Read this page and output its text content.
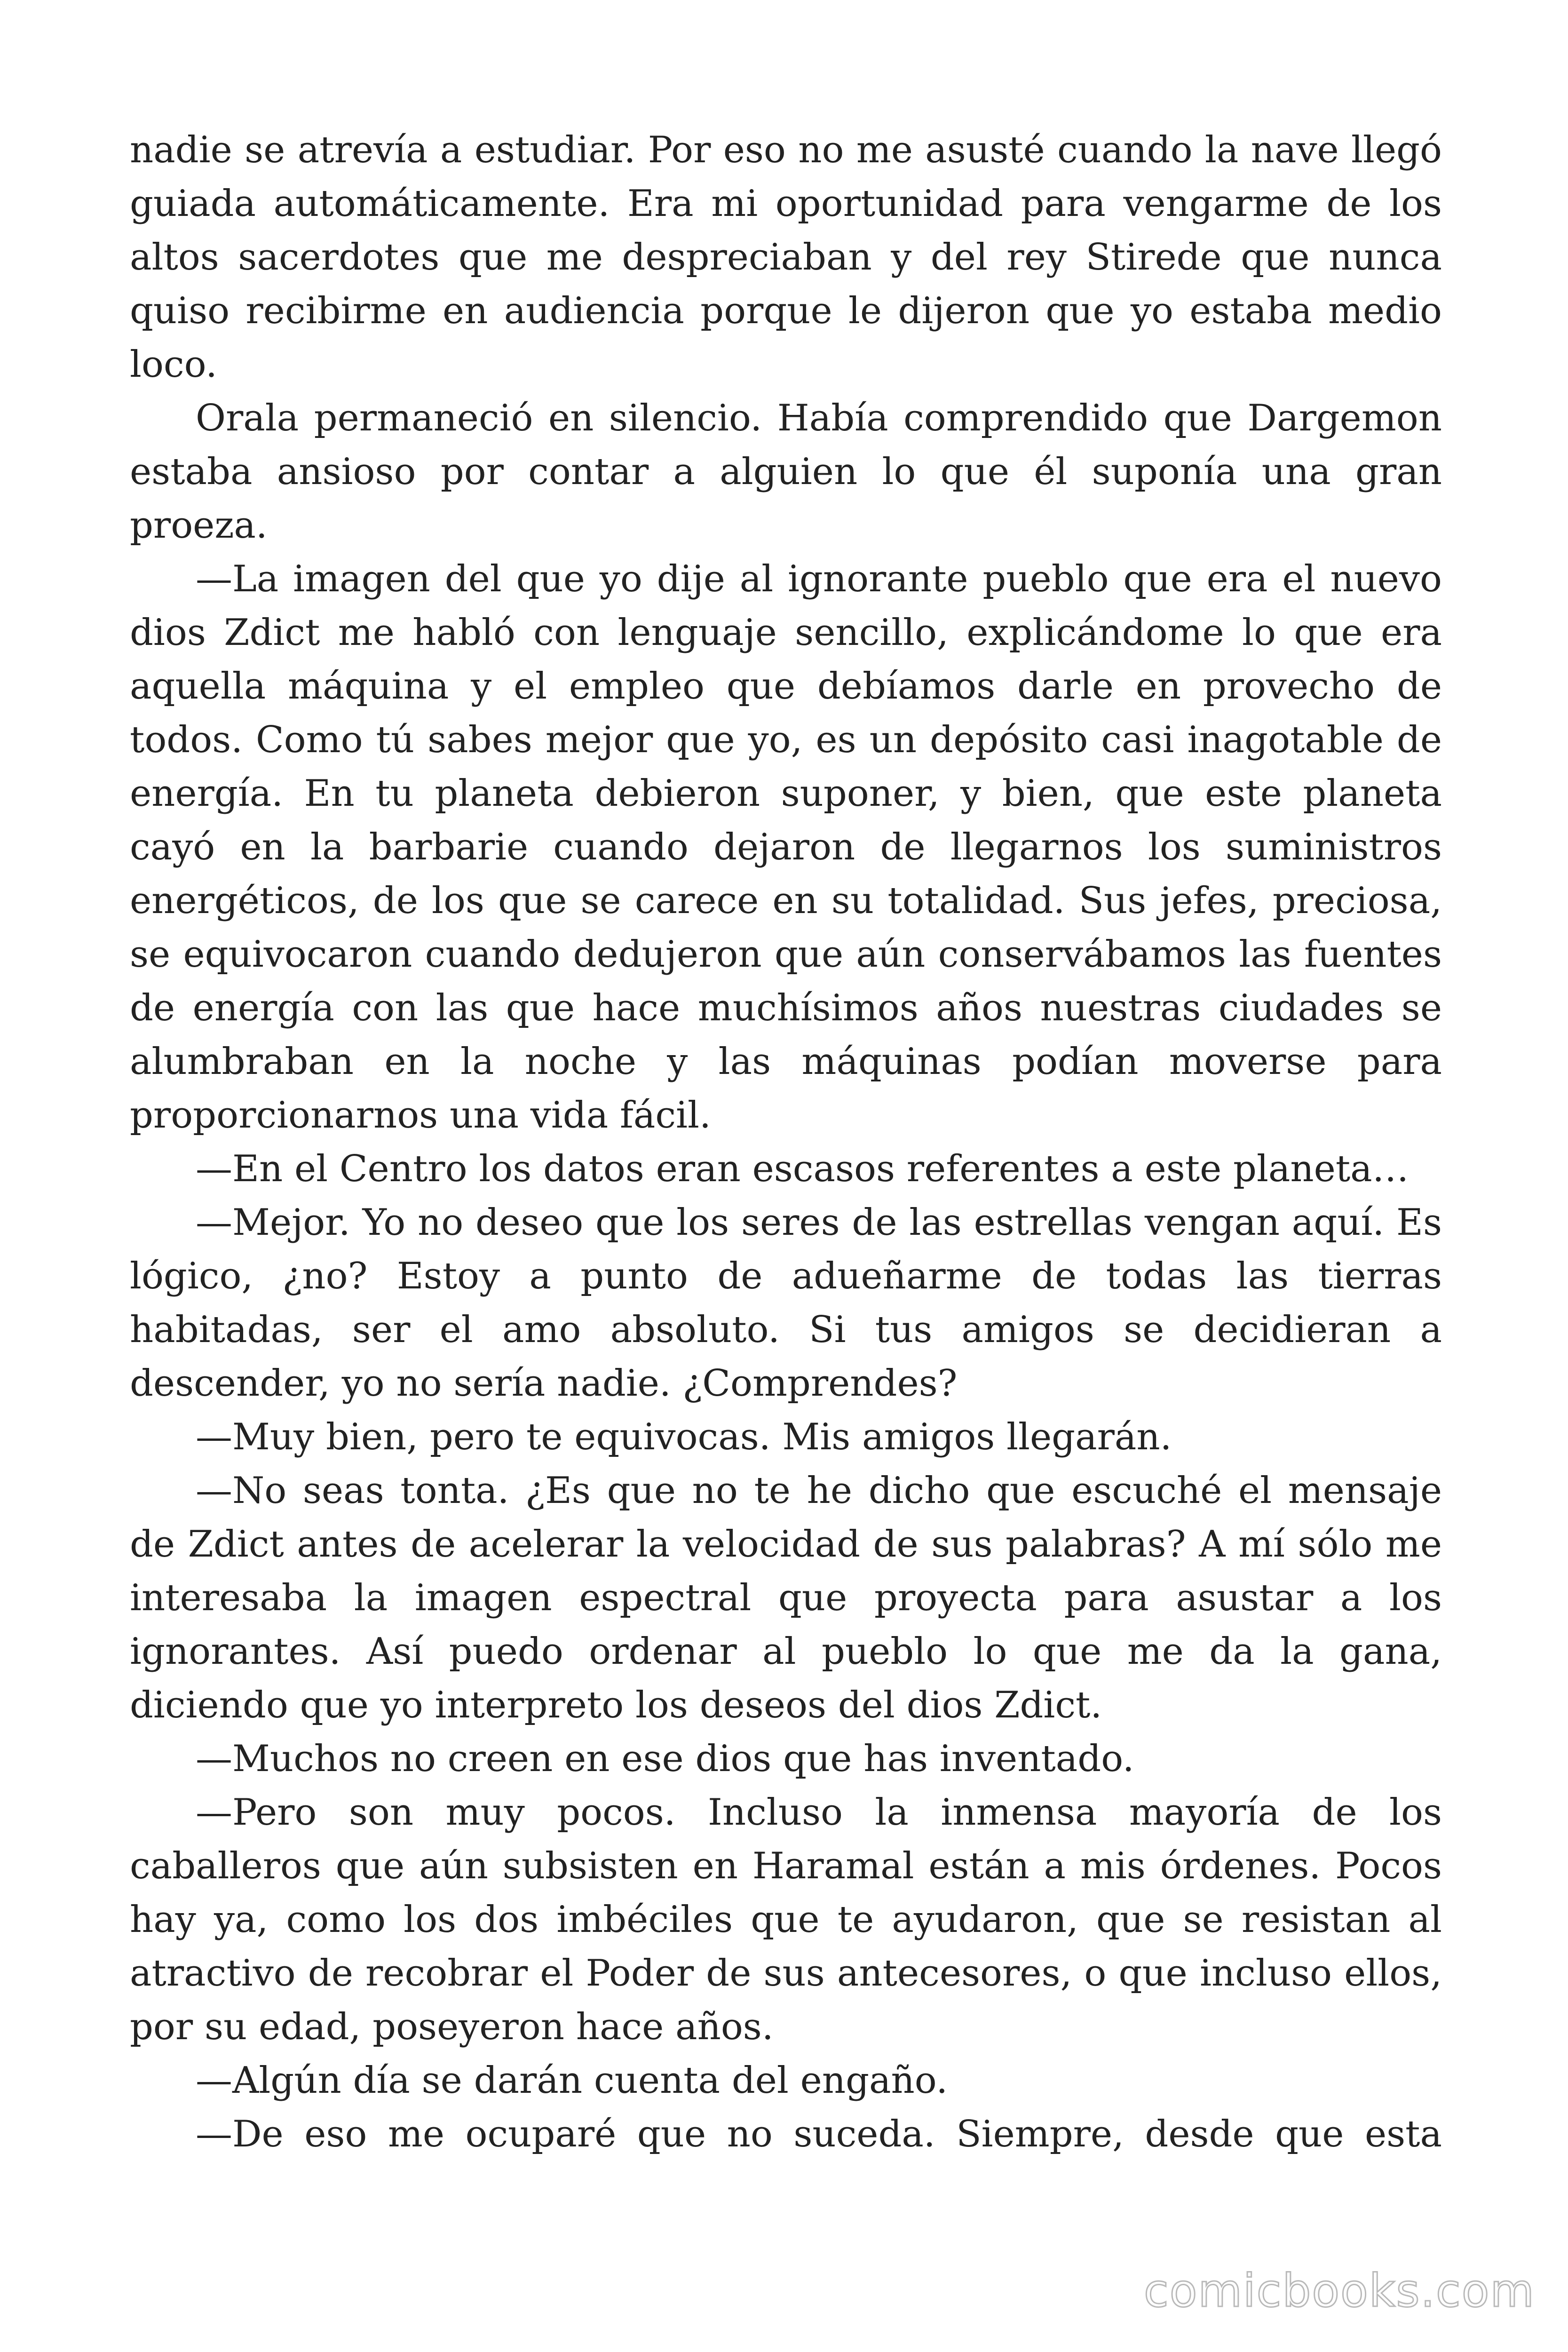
nadie se atrevía a estudiar. Por eso no me asusté cuando la nave llegó guiada automáticamente. Era mi oportunidad para vengarme de los altos sacerdotes que me despreciaban y del rey Stirede que nunca quiso recibirme en audiencia porque le dijeron que yo estaba medio loco.

Orala permaneció en silencio. Había comprendido que Dargemon estaba ansioso por contar a alguien lo que él suponía una gran proeza.

—La imagen del que yo dije al ignorante pueblo que era el nuevo dios Zdict me habló con lenguaje sencillo, explicándome lo que era aquella máquina y el empleo que debíamos darle en provecho de todos. Como tú sabes mejor que yo, es un depósito casi inagotable de energía. En tu planeta debieron suponer, y bien, que este planeta cayó en la barbarie cuando dejaron de llegarnos los suministros energéticos, de los que se carece en su totalidad. Sus jefes, preciosa, se equivocaron cuando dedujeron que aún conservábamos las fuentes de energía con las que hace muchísimos años nuestras ciudades se alumbraban en la noche y las máquinas podían moverse para proporcionarnos una vida fácil.

—En el Centro los datos eran escasos referentes a este planeta…

—Mejor. Yo no deseo que los seres de las estrellas vengan aquí. Es lógico, ¿no? Estoy a punto de adueñarme de todas las tierras habitadas, ser el amo absoluto. Si tus amigos se decidieran a descender, yo no sería nadie. ¿Comprendes?

—Muy bien, pero te equivocas. Mis amigos llegarán.

—No seas tonta. ¿Es que no te he dicho que escuché el mensaje de Zdict antes de acelerar la velocidad de sus palabras? A mí sólo me interesaba la imagen espectral que proyecta para asustar a los ignorantes. Así puedo ordenar al pueblo lo que me da la gana, diciendo que yo interpreto los deseos del dios Zdict.

—Muchos no creen en ese dios que has inventado.

—Pero son muy pocos. Incluso la inmensa mayoría de los caballeros que aún subsisten en Haramal están a mis órdenes. Pocos hay ya, como los dos imbéciles que te ayudaron, que se resistan al atractivo de recobrar el Poder de sus antecesores, o que incluso ellos, por su edad, poseyeron hace años.

—Algún día se darán cuenta del engaño.

—De eso me ocuparé que no suceda. Siempre, desde que esta

comicbooks.com
